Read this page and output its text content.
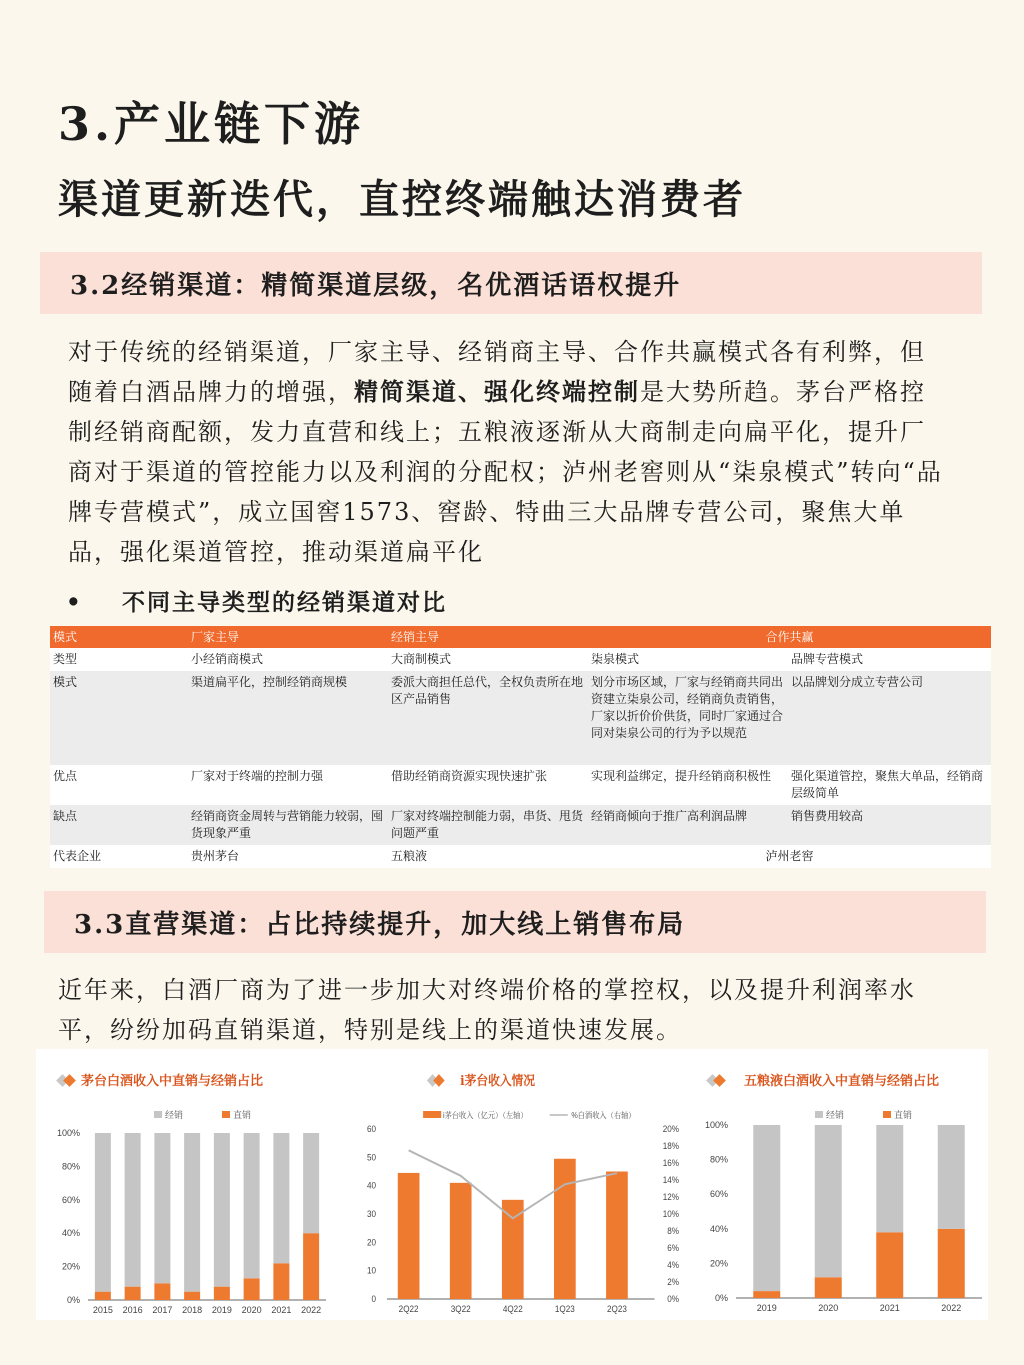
3.产业链下游
渠道更新迭代，直控终端触达消费者
3.2经销渠道：精简渠道层级，名优酒话语权提升

对于传统的经销渠道，厂家主导、经销商主导、合作共赢模式各有利弊，但随着白酒品牌力的增强，精简渠道、强化终端控制是大势所趋。茅台严格控制经销商配额，发力直营和线上；五粮液逐渐从大商制走向扁平化，提升厂商对于渠道的管控能力以及利润的分配权；泸州老窖则从“柒泉模式”转向“品牌专营模式”，成立国窖1573、窖龄、特曲三大品牌专营公司，聚焦大单品，强化渠道管控，推动渠道扁平化

• 不同主导类型的经销渠道对比
模式	厂家主导	经销主导	合作共赢	
类型	小经销商模式	大商制模式	柒泉模式	品牌专营模式
模式	渠道扁平化，控制经销商规模	委派大商担任总代，全权负责所在地区产品销售	划分市场区域，厂家与经销商共同出资建立柒泉公司，经销商负责销售，厂家以折价价供货，同时厂家通过合同对柒泉公司的行为予以规范	以品牌划分成立专营公司
优点	厂家对于终端的控制力强	借助经销商资源实现快速扩张	实现利益绑定，提升经销商积极性	强化渠道管控，聚焦大单品，经销商层级简单
缺点	经销商资金周转与营销能力较弱，囤货现象严重	厂家对终端控制能力弱，串货、甩货问题严重	经销商倾向于推广高利润品牌	销售费用较高
代表企业	贵州茅台	五粮液	泸州老窖	
3.3直营渠道：占比持续提升，加大线上销售布局

近年来，白酒厂商为了进一步加大对终端价格的掌控权，以及提升利润率水平，纷纷加码直销渠道，特别是线上的渠道快速发展。

茅台白酒收入中直销与经销占比
经销	直销
0%
20%
40%
60%
80%
100%
2015 2016 2017 2018 2019 2020 2021 2022
i茅台收入情况
i茅台收入（亿元）（左轴）	%白酒收入（右轴）
0
10
20
30
40
50
60
0%
2%
4%
6%
8%
10%
12%
14%
16%
18%
20%
2Q22	3Q22	4Q22	1Q23	2Q23
五粮液白酒收入中直销与经销占比
经销	直销
0%
20%
40%
60%
80%
100%
2019	2020	2021	2022
